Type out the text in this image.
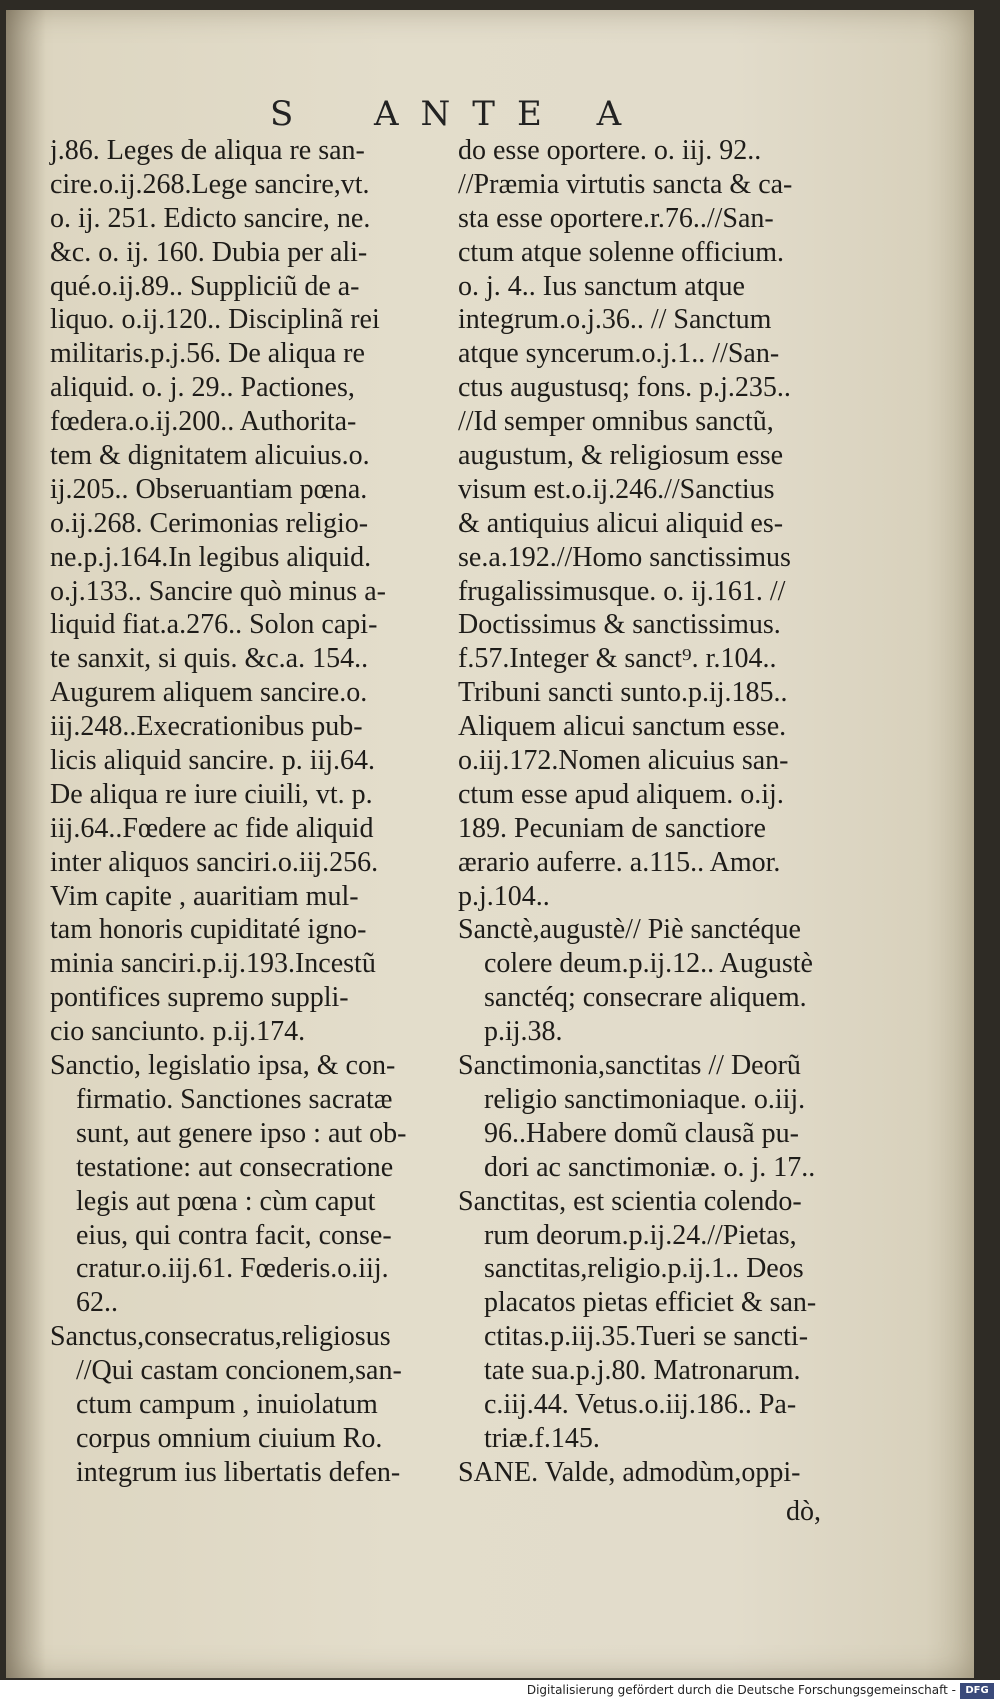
S ANTE A
j.86. Leges de aliqua re san-
cire.o.ij.268.Lege sancire,vt.
o. ij. 251. Edicto sancire, ne.
&c. o. ij. 160. Dubia per ali-
qué.o.ij.89.. Suppliciũ de a-
liquo. o.ij.120.. Disciplinã rei
militaris.p.j.56. De aliqua re
aliquid. o. j. 29.. Pactiones,
fœdera.o.ij.200.. Authorita-
tem & dignitatem alicuius.o.
ij.205.. Obseruantiam pœna.
o.ij.268. Cerimonias religio-
ne.p.j.164.In legibus aliquid.
o.j.133.. Sancire quò minus a-
liquid fiat.a.276.. Solon capi-
te sanxit, si quis. &c.a. 154..
Augurem aliquem sancire.o.
iij.248..Execrationibus pub-
licis aliquid sancire. p. iij.64.
De aliqua re iure ciuili, vt. p.
iij.64..Fœdere ac fide aliquid
inter aliquos sanciri.o.iij.256.
Vim capite , auaritiam mul-
tam honoris cupiditaté igno-
minia sanciri.p.ij.193.Incestũ
pontifices supremo suppli-
cio sanciunto. p.ij.174.
Sanctio, legislatio ipsa, & con-
firmatio. Sanctiones sacratæ
sunt, aut genere ipso : aut ob-
testatione: aut consecratione
legis aut pœna : cùm caput
eius, qui contra facit, conse-
cratur.o.iij.61. Fœderis.o.iij.
62..
Sanctus,consecratus,religiosus
//Qui castam concionem,san-
ctum campum , inuiolatum
corpus omnium ciuium Ro.
integrum ius libertatis defen-
do esse oportere. o. iij. 92..
//Præmia virtutis sancta & ca-
sta esse oportere.r.76..//San-
ctum atque solenne officium.
o. j. 4.. Ius sanctum atque
integrum.o.j.36.. // Sanctum
atque syncerum.o.j.1.. //San-
ctus augustusq; fons. p.j.235..
//Id semper omnibus sanctũ,
augustum, & religiosum esse
visum est.o.ij.246.//Sanctius
& antiquius alicui aliquid es-
se.a.192.//Homo sanctissimus
frugalissimusque. o. ij.161. //
Doctissimus & sanctissimus.
f.57.Integer & sanct⁹. r.104..
Tribuni sancti sunto.p.ij.185..
Aliquem alicui sanctum esse.
o.iij.172.Nomen alicuius san-
ctum esse apud aliquem. o.ij.
189. Pecuniam de sanctiore
ærario auferre. a.115.. Amor.
p.j.104..
Sanctè,augustè// Piè sanctéque
colere deum.p.ij.12.. Augustè
sanctéq; consecrare aliquem.
p.ij.38.
Sanctimonia,sanctitas // Deorũ
religio sanctimoniaque. o.iij.
96..Habere domũ clausã pu-
dori ac sanctimoniæ. o. j. 17..
Sanctitas, est scientia colendo-
rum deorum.p.ij.24.//Pietas,
sanctitas,religio.p.ij.1.. Deos
placatos pietas efficiet & san-
ctitas.p.iij.35.Tueri se sancti-
tate sua.p.j.80. Matronarum.
c.iij.44. Vetus.o.iij.186.. Pa-
triæ.f.145.
SANE. Valde, admodùm,oppi-
dò,
Digitalisierung gefördert durch die Deutsche Forschungsgemeinschaft - DFG
